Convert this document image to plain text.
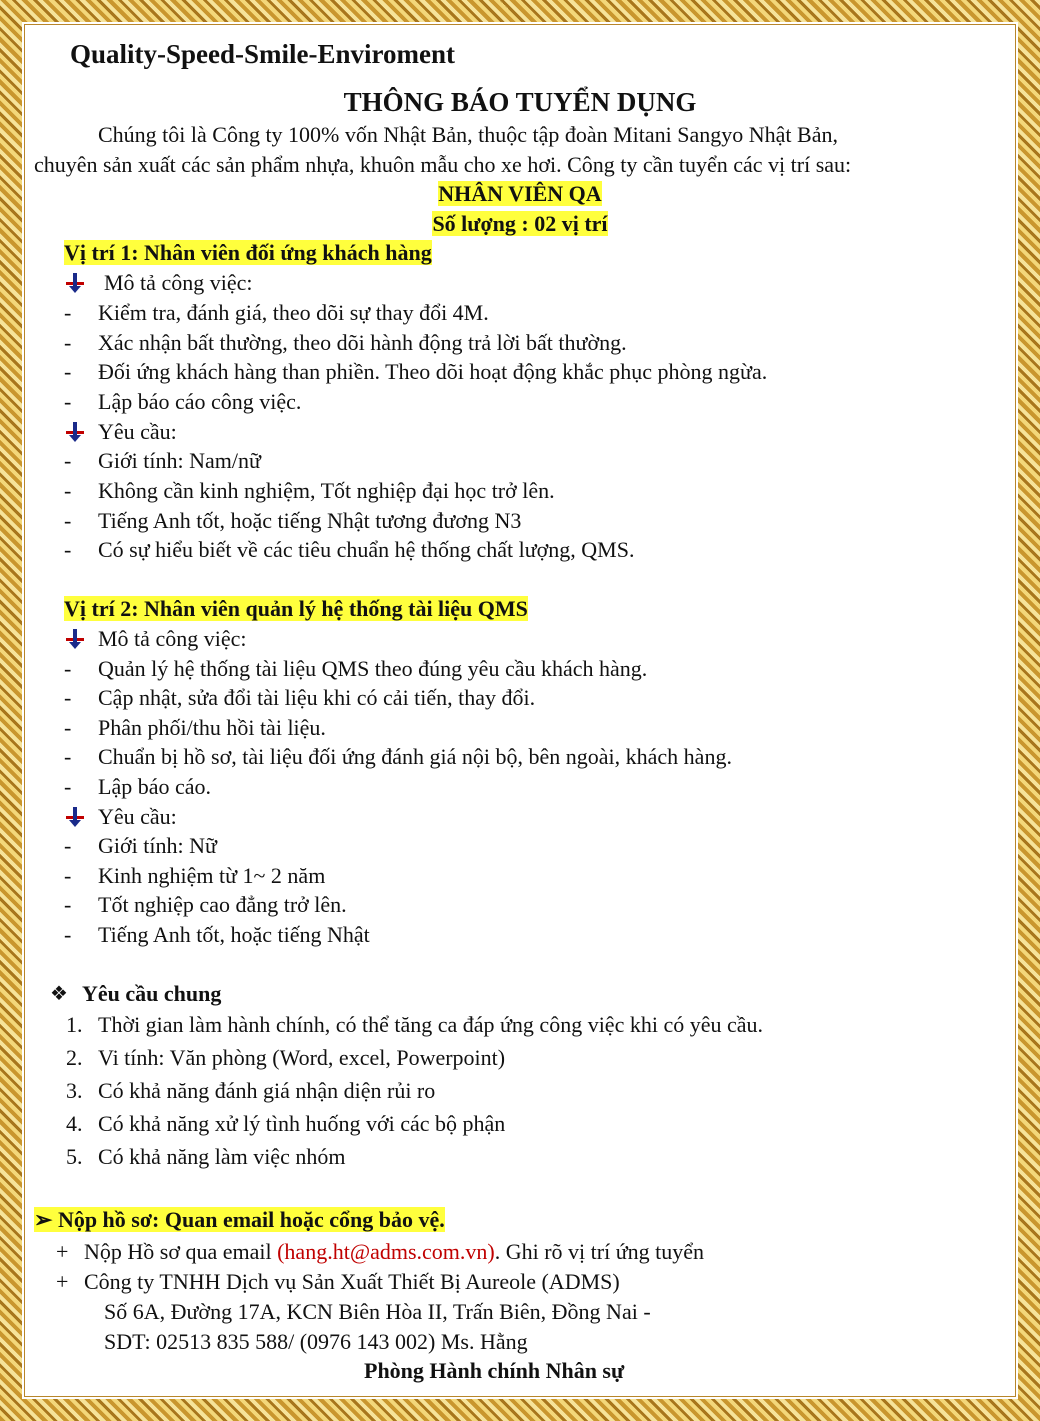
Quality-Speed-Smile-Enviroment
THÔNG BÁO TUYỂN DỤNG
Chúng tôi là Công ty 100% vốn Nhật Bản, thuộc tập đoàn Mitani Sangyo Nhật Bản,
chuyên sản xuất các sản phẩm nhựa, khuôn mẫu cho xe hơi. Công ty cần tuyển các vị trí sau:
NHÂN VIÊN QA
Số lượng : 02 vị trí
Vị trí 1: Nhân viên đối ứng khách hàng
Mô tả công việc:
- Kiểm tra, đánh giá, theo dõi sự thay đổi 4M.
- Xác nhận bất thường, theo dõi hành động trả lời bất thường.
- Đối ứng khách hàng than phiền. Theo dõi hoạt động khắc phục phòng ngừa.
- Lập báo cáo công việc.
Yêu cầu:
- Giới tính: Nam/nữ
- Không cần kinh nghiệm, Tốt nghiệp đại học trở lên.
- Tiếng Anh tốt, hoặc tiếng Nhật tương đương N3
- Có sự hiểu biết về các tiêu chuẩn hệ thống chất lượng, QMS.
Vị trí 2: Nhân viên quản lý hệ thống tài liệu QMS
Mô tả công việc:
- Quản lý hệ thống tài liệu QMS theo đúng yêu cầu khách hàng.
- Cập nhật, sửa đổi tài liệu khi có cải tiến, thay đổi.
- Phân phối/thu hồi tài liệu.
- Chuẩn bị hồ sơ, tài liệu đối ứng đánh giá nội bộ, bên ngoài, khách hàng.
- Lập báo cáo.
Yêu cầu:
- Giới tính: Nữ
- Kinh nghiệm từ 1~ 2 năm
- Tốt nghiệp cao đẳng trở lên.
- Tiếng Anh tốt, hoặc tiếng Nhật
❖ Yêu cầu chung
1. Thời gian làm hành chính, có thể tăng ca đáp ứng công việc khi có yêu cầu.
2. Vi tính: Văn phòng (Word, excel, Powerpoint)
3. Có khả năng đánh giá nhận diện rủi ro
4. Có khả năng xử lý tình huống với các bộ phận
5. Có khả năng làm việc nhóm
➢ Nộp hồ sơ: Quan email hoặc cổng bảo vệ.
+ Nộp Hồ sơ qua email (hang.ht@adms.com.vn). Ghi rõ vị trí ứng tuyển
+ Công ty TNHH Dịch vụ Sản Xuất Thiết Bị Aureole (ADMS)
Số 6A, Đường 17A, KCN Biên Hòa II, Trấn Biên, Đồng Nai -
SDT: 02513 835 588/ (0976 143 002) Ms. Hằng
Phòng Hành chính Nhân sự
